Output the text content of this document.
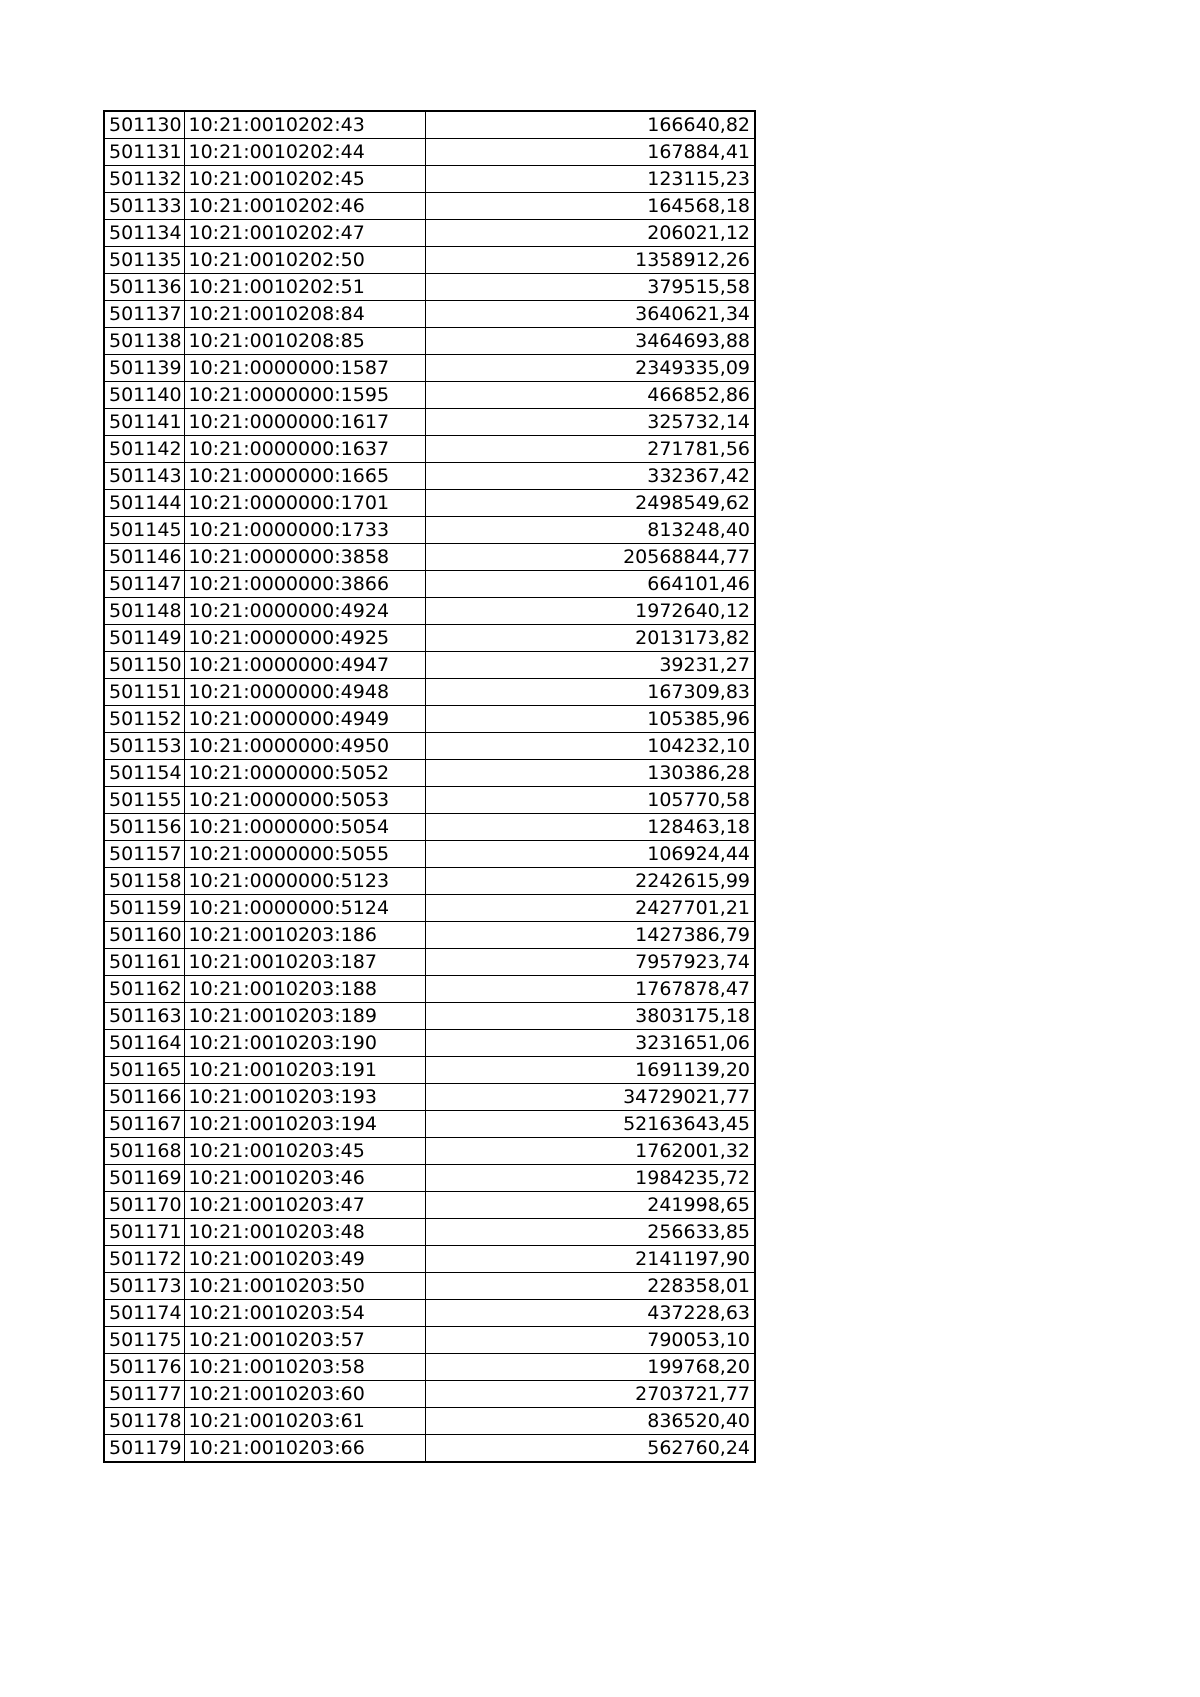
501130	10:21:0010202:43	166640,82
501131	10:21:0010202:44	167884,41
501132	10:21:0010202:45	123115,23
501133	10:21:0010202:46	164568,18
501134	10:21:0010202:47	206021,12
501135	10:21:0010202:50	1358912,26
501136	10:21:0010202:51	379515,58
501137	10:21:0010208:84	3640621,34
501138	10:21:0010208:85	3464693,88
501139	10:21:0000000:1587	2349335,09
501140	10:21:0000000:1595	466852,86
501141	10:21:0000000:1617	325732,14
501142	10:21:0000000:1637	271781,56
501143	10:21:0000000:1665	332367,42
501144	10:21:0000000:1701	2498549,62
501145	10:21:0000000:1733	813248,40
501146	10:21:0000000:3858	20568844,77
501147	10:21:0000000:3866	664101,46
501148	10:21:0000000:4924	1972640,12
501149	10:21:0000000:4925	2013173,82
501150	10:21:0000000:4947	39231,27
501151	10:21:0000000:4948	167309,83
501152	10:21:0000000:4949	105385,96
501153	10:21:0000000:4950	104232,10
501154	10:21:0000000:5052	130386,28
501155	10:21:0000000:5053	105770,58
501156	10:21:0000000:5054	128463,18
501157	10:21:0000000:5055	106924,44
501158	10:21:0000000:5123	2242615,99
501159	10:21:0000000:5124	2427701,21
501160	10:21:0010203:186	1427386,79
501161	10:21:0010203:187	7957923,74
501162	10:21:0010203:188	1767878,47
501163	10:21:0010203:189	3803175,18
501164	10:21:0010203:190	3231651,06
501165	10:21:0010203:191	1691139,20
501166	10:21:0010203:193	34729021,77
501167	10:21:0010203:194	52163643,45
501168	10:21:0010203:45	1762001,32
501169	10:21:0010203:46	1984235,72
501170	10:21:0010203:47	241998,65
501171	10:21:0010203:48	256633,85
501172	10:21:0010203:49	2141197,90
501173	10:21:0010203:50	228358,01
501174	10:21:0010203:54	437228,63
501175	10:21:0010203:57	790053,10
501176	10:21:0010203:58	199768,20
501177	10:21:0010203:60	2703721,77
501178	10:21:0010203:61	836520,40
501179	10:21:0010203:66	562760,24
